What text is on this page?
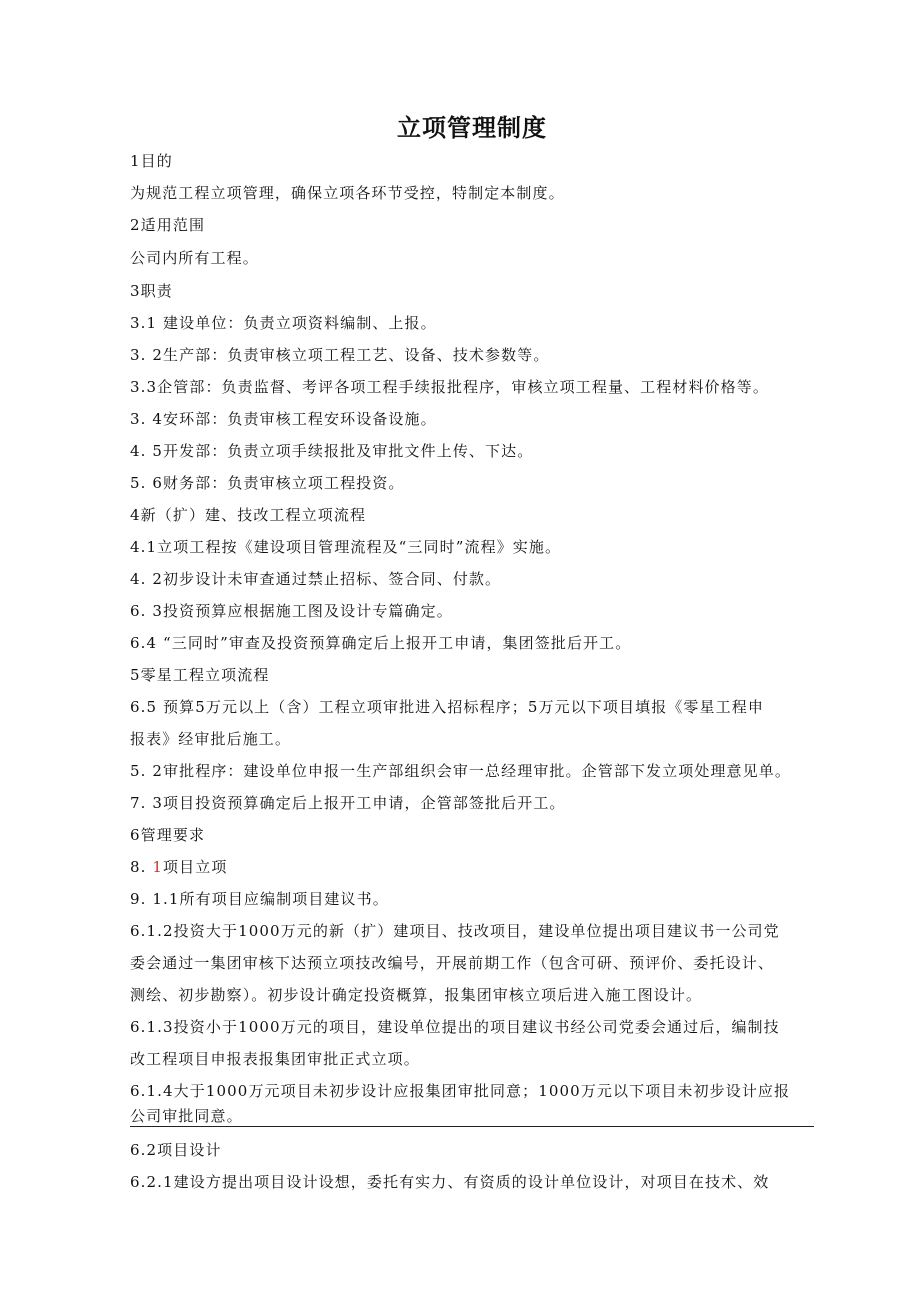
立项管理制度
1目的
为规范工程立项管理，确保立项各环节受控，特制定本制度。
2适用范围
公司内所有工程。
3职责
3.1 建设单位：负责立项资料编制、上报。
3. 2生产部：负责审核立项工程工艺、设备、技术参数等。
3.3企管部：负责监督、考评各项工程手续报批程序，审核立项工程量、工程材料价格等。
3. 4安环部：负责审核工程安环设备设施。
4. 5开发部：负责立项手续报批及审批文件上传、下达。
5. 6财务部：负责审核立项工程投资。
4新（扩）建、技改工程立项流程
4.1立项工程按《建设项目管理流程及“三同时”流程》实施。
4. 2初步设计未审查通过禁止招标、签合同、付款。
6. 3投资预算应根据施工图及设计专篇确定。
6.4 “三同时”审查及投资预算确定后上报开工申请，集团签批后开工。
5零星工程立项流程
6.5 预算5万元以上（含）工程立项审批进入招标程序；5万元以下项目填报《零星工程申
报表》经审批后施工。
5. 2审批程序：建设单位申报一生产部组织会审一总经理审批。企管部下发立项处理意见单。
7. 3项目投资预算确定后上报开工申请，企管部签批后开工。
6管理要求
8. 1项目立项
9. 1.1所有项目应编制项目建议书。
6.1.2投资大于1000万元的新（扩）建项目、技改项目，建设单位提出项目建议书一公司党
委会通过一集团审核下达预立项技改编号，开展前期工作（包含可研、预评价、委托设计、
测绘、初步勘察）。初步设计确定投资概算，报集团审核立项后进入施工图设计。
6.1.3投资小于1000万元的项目，建设单位提出的项目建议书经公司党委会通过后，编制技
改工程项目申报表报集团审批正式立项。
6.1.4大于1000万元项目未初步设计应报集团审批同意；1000万元以下项目未初步设计应报
公司审批同意。
6.2项目设计
6.2.1建设方提出项目设计设想，委托有实力、有资质的设计单位设计，对项目在技术、效
